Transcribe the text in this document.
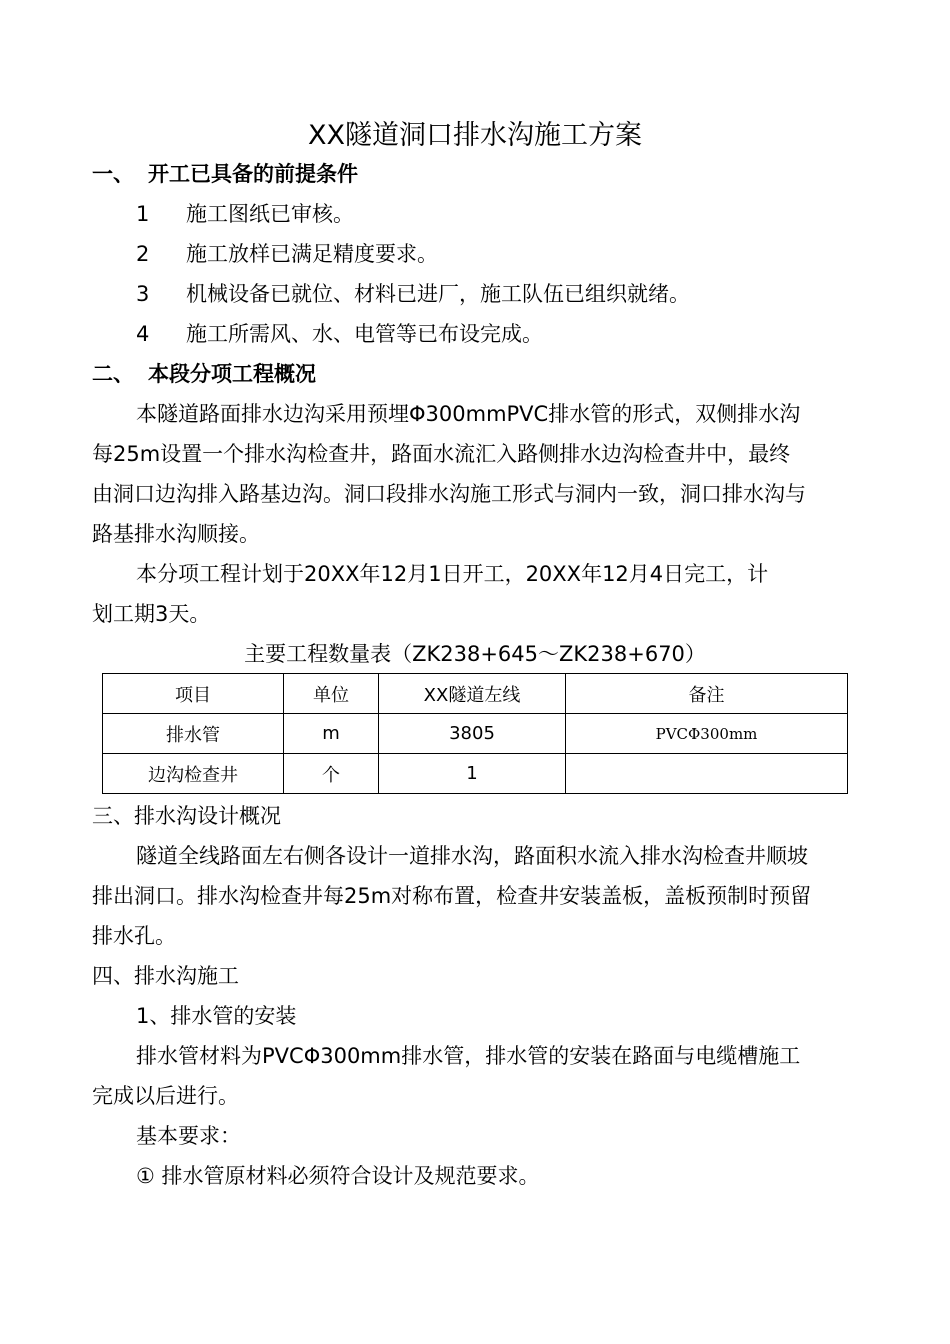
XX隧道洞口排水沟施工方案
一、 开工已具备的前提条件
1 施工图纸已审核。
2 施工放样已满足精度要求。
3 机械设备已就位、材料已进厂，施工队伍已组织就绪。
4 施工所需风、水、电管等已布设完成。
二、 本段分项工程概况
本隧道路面排水边沟采用预埋Φ300mmPVC排水管的形式，双侧排水沟
每25m设置一个排水沟检查井，路面水流汇入路侧排水边沟检查井中，最终
由洞口边沟排入路基边沟。洞口段排水沟施工形式与洞内一致，洞口排水沟与
路基排水沟顺接。
本分项工程计划于20XX年12月1日开工，20XX年12月4日完工，计
划工期3天。
主要工程数量表（ZK238+645～ZK238+670）
项目	单位	XX隧道左线	备注
排水管	m	3805	PVCΦ300mm
边沟检查井	个	1	
三、排水沟设计概况
隧道全线路面左右侧各设计一道排水沟，路面积水流入排水沟检查井顺坡
排出洞口。排水沟检查井每25m对称布置，检查井安装盖板，盖板预制时预留
排水孔。
四、排水沟施工
1、排水管的安装
排水管材料为PVCΦ300mm排水管，排水管的安装在路面与电缆槽施工
完成以后进行。
基本要求：
① 排水管原材料必须符合设计及规范要求。
